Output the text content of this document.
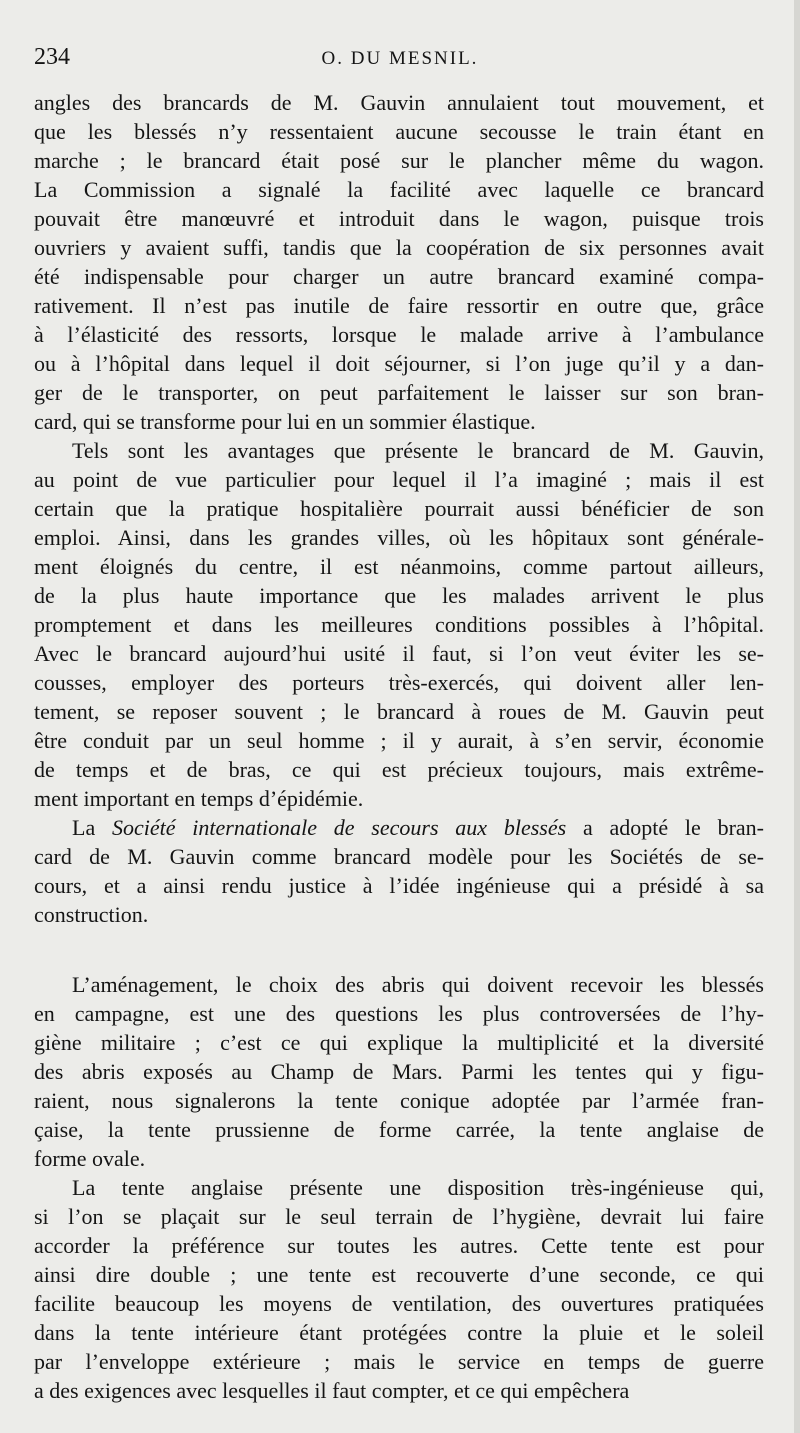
234	O. DU MESNIL.
angles des brancards de M. Gauvin annulaient tout mouvement, et
que les blessés n’y ressentaient aucune secousse le train étant en
marche ; le brancard était posé sur le plancher même du wagon.
La Commission a signalé la facilité avec laquelle ce brancard
pouvait être manœuvré et introduit dans le wagon, puisque trois
ouvriers y avaient suffi, tandis que la coopération de six personnes avait
été indispensable pour charger un autre brancard examiné compa-
rativement. Il n’est pas inutile de faire ressortir en outre que, grâce
à l’élasticité des ressorts, lorsque le malade arrive à l’ambulance
ou à l’hôpital dans lequel il doit séjourner, si l’on juge qu’il y a dan-
ger de le transporter, on peut parfaitement le laisser sur son bran-
card, qui se transforme pour lui en un sommier élastique.
Tels sont les avantages que présente le brancard de M. Gauvin,
au point de vue particulier pour lequel il l’a imaginé ; mais il est
certain que la pratique hospitalière pourrait aussi bénéficier de son
emploi. Ainsi, dans les grandes villes, où les hôpitaux sont générale-
ment éloignés du centre, il est néanmoins, comme partout ailleurs,
de la plus haute importance que les malades arrivent le plus
promptement et dans les meilleures conditions possibles à l’hôpital.
Avec le brancard aujourd’hui usité il faut, si l’on veut éviter les se-
cousses, employer des porteurs très-exercés, qui doivent aller len-
tement, se reposer souvent ; le brancard à roues de M. Gauvin peut
être conduit par un seul homme ; il y aurait, à s’en servir, économie
de temps et de bras, ce qui est précieux toujours, mais extrême-
ment important en temps d’épidémie.
La Société internationale de secours aux blessés a adopté le bran-
card de M. Gauvin comme brancard modèle pour les Sociétés de se-
cours, et a ainsi rendu justice à l’idée ingénieuse qui a présidé à sa
construction.
L’aménagement, le choix des abris qui doivent recevoir les blessés
en campagne, est une des questions les plus controversées de l’hy-
giène militaire ; c’est ce qui explique la multiplicité et la diversité
des abris exposés au Champ de Mars. Parmi les tentes qui y figu-
raient, nous signalerons la tente conique adoptée par l’armée fran-
çaise, la tente prussienne de forme carrée, la tente anglaise de
forme ovale.
La tente anglaise présente une disposition très-ingénieuse qui,
si l’on se plaçait sur le seul terrain de l’hygiène, devrait lui faire
accorder la préférence sur toutes les autres. Cette tente est pour
ainsi dire double ; une tente est recouverte d’une seconde, ce qui
facilite beaucoup les moyens de ventilation, des ouvertures pratiquées
dans la tente intérieure étant protégées contre la pluie et le soleil
par l’enveloppe extérieure ; mais le service en temps de guerre
a des exigences avec lesquelles il faut compter, et ce qui empêchera
